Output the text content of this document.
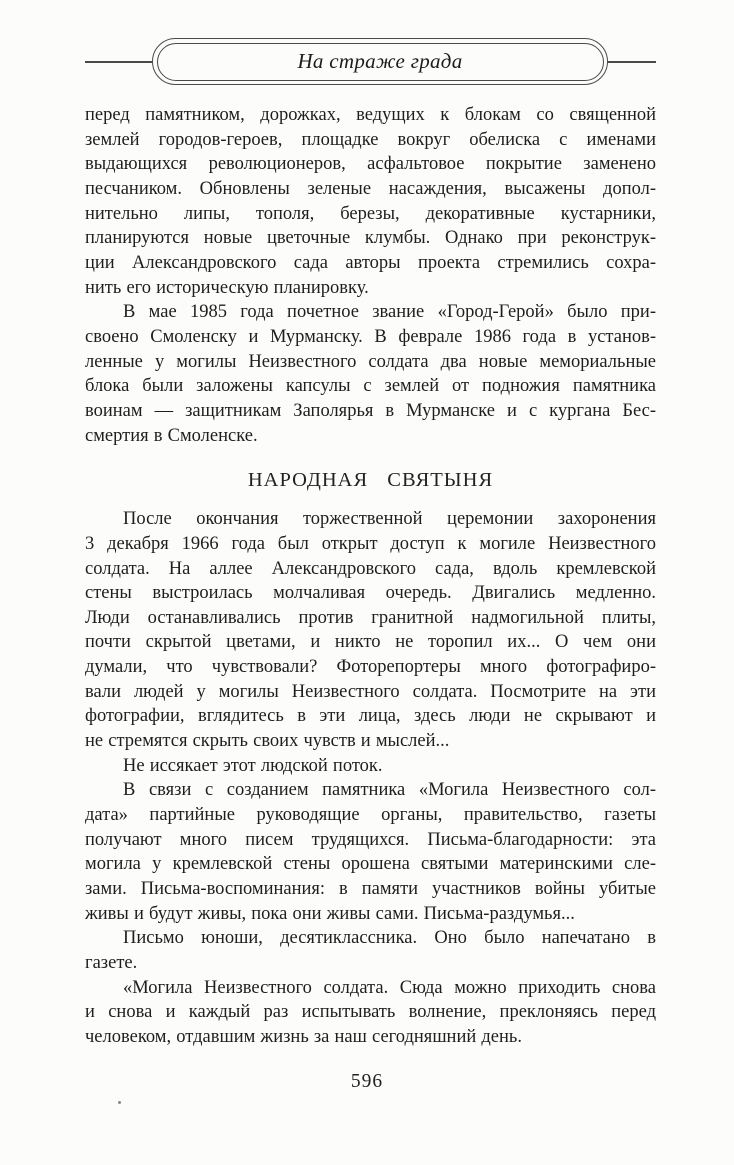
На страже града
перед памятником, дорожках, ведущих к блокам со священной
землей городов-героев, площадке вокруг обелиска с именами
выдающихся революционеров, асфальтовое покрытие заменено
песчаником. Обновлены зеленые насаждения, высажены допол-
нительно липы, тополя, березы, декоративные кустарники,
планируются новые цветочные клумбы. Однако при реконструк-
ции Александровского сада авторы проекта стремились сохра-
нить его историческую планировку.
В мае 1985 года почетное звание «Город-Герой» было при-
своено Смоленску и Мурманску. В феврале 1986 года в установ-
ленные у могилы Неизвестного солдата два новые мемориальные
блока были заложены капсулы с землей от подножия памятника
воинам — защитникам Заполярья в Мурманске и с кургана Бес-
смертия в Смоленске.
НАРОДНАЯ СВЯТЫНЯ
После окончания торжественной церемонии захоронения
3 декабря 1966 года был открыт доступ к могиле Неизвестного
солдата. На аллее Александровского сада, вдоль кремлевской
стены выстроилась молчаливая очередь. Двигались медленно.
Люди останавливались против гранитной надмогильной плиты,
почти скрытой цветами, и никто не торопил их... О чем они
думали, что чувствовали? Фоторепортеры много фотографиро-
вали людей у могилы Неизвестного солдата. Посмотрите на эти
фотографии, вглядитесь в эти лица, здесь люди не скрывают и
не стремятся скрыть своих чувств и мыслей...
Не иссякает этот людской поток.
В связи с созданием памятника «Могила Неизвестного сол-
дата» партийные руководящие органы, правительство, газеты
получают много писем трудящихся. Письма-благодарности: эта
могила у кремлевской стены орошена святыми материнскими сле-
зами. Письма-воспоминания: в памяти участников войны убитые
живы и будут живы, пока они живы сами. Письма-раздумья...
Письмо юноши, десятиклассника. Оно было напечатано в
газете.
«Могила Неизвестного солдата. Сюда можно приходить снова
и снова и каждый раз испытывать волнение, преклоняясь перед
человеком, отдавшим жизнь за наш сегодняшний день.
596
